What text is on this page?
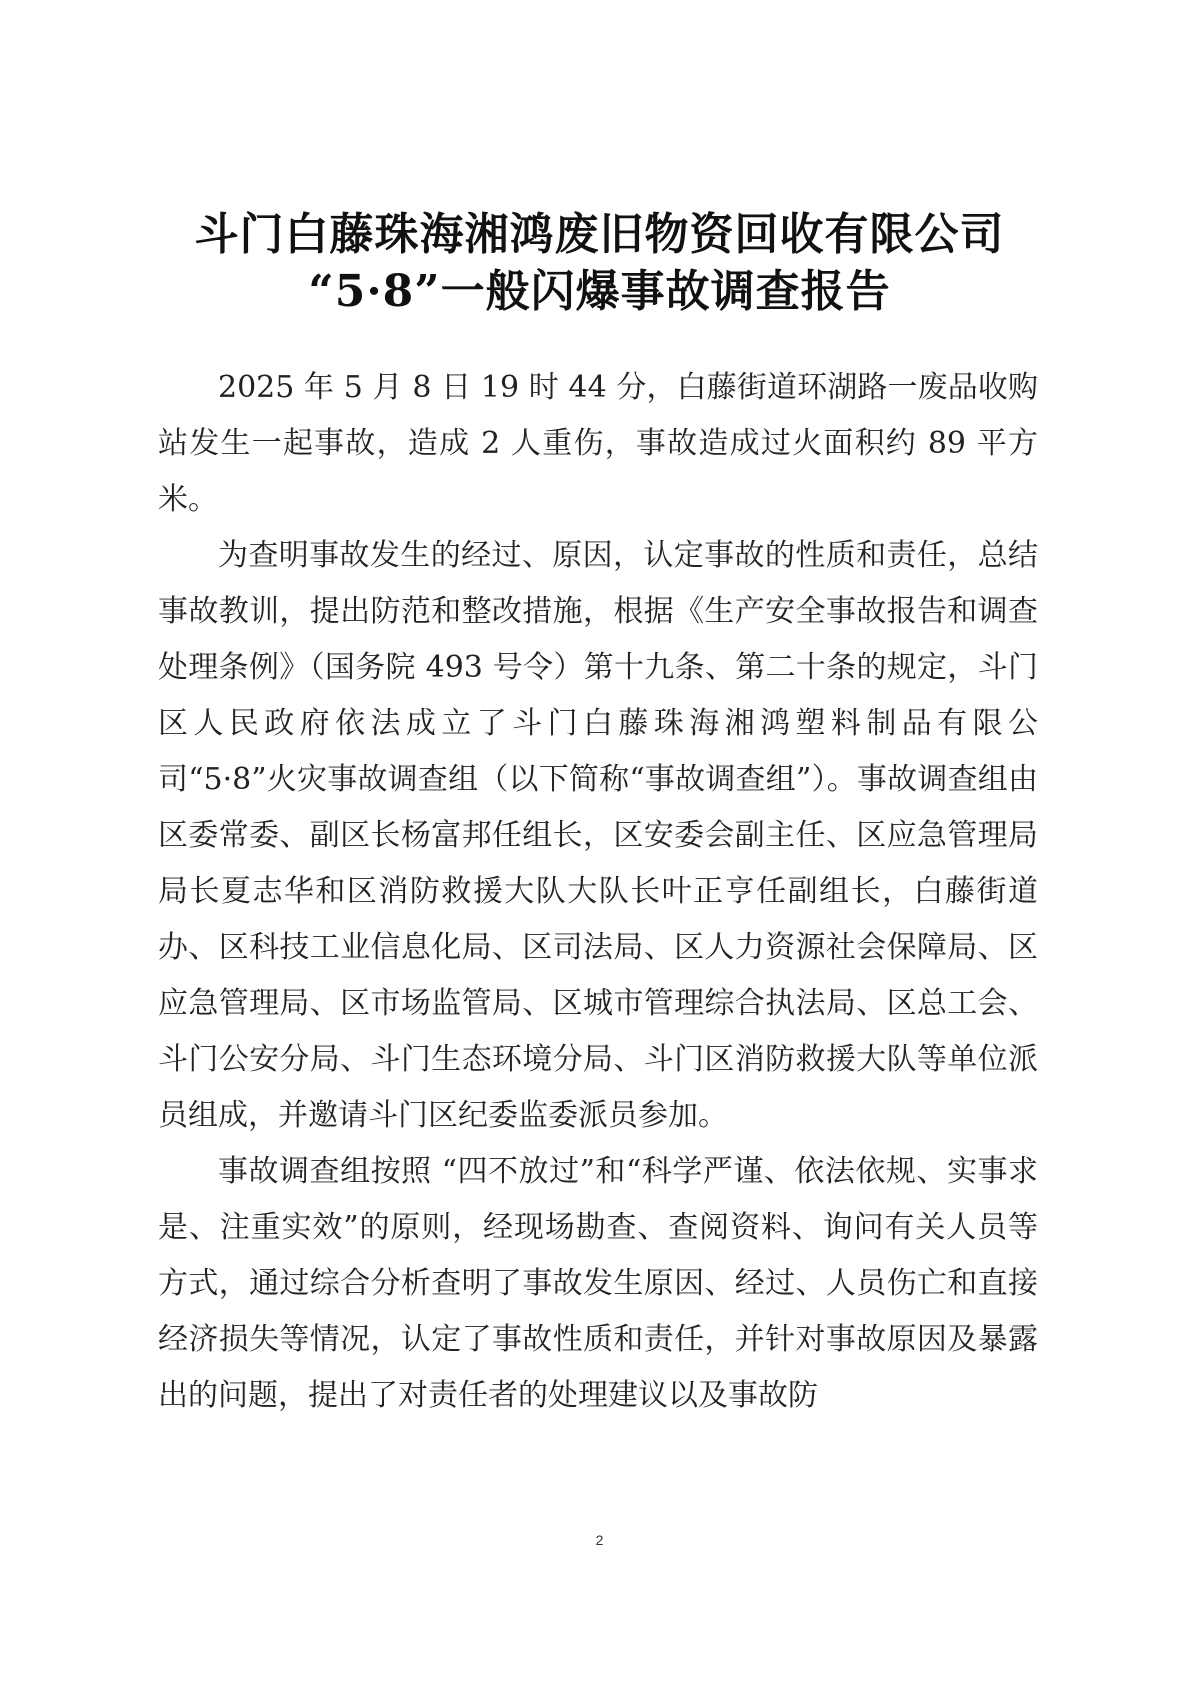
斗门白藤珠海湘鸿废旧物资回收有限公司
“5·8”一般闪爆事故调查报告

2025 年 5 月 8 日 19 时 44 分，白藤街道环湖路一废品收购站发生一起事故，造成 2 人重伤，事故造成过火面积约 89 平方米。

为查明事故发生的经过、原因，认定事故的性质和责任，总结事故教训，提出防范和整改措施，根据《生产安全事故报告和调查处理条例》（国务院 493 号令）第十九条、第二十条的规定，斗门区人民政府依法成立了斗门白藤珠海湘鸿塑料制品有限公司“5·8”火灾事故调查组（以下简称“事故调查组”）。事故调查组由区委常委、副区长杨富邦任组长，区安委会副主任、区应急管理局局长夏志华和区消防救援大队大队长叶正亨任副组长，白藤街道办、区科技工业信息化局、区司法局、区人力资源社会保障局、区应急管理局、区市场监管局、区城市管理综合执法局、区总工会、斗门公安分局、斗门生态环境分局、斗门区消防救援大队等单位派员组成，并邀请斗门区纪委监委派员参加。

事故调查组按照 “四不放过”和“科学严谨、依法依规、实事求是、注重实效”的原则，经现场勘查、查阅资料、询问有关人员等方式，通过综合分析查明了事故发生原因、经过、人员伤亡和直接经济损失等情况，认定了事故性质和责任，并针对事故原因及暴露出的问题，提出了对责任者的处理建议以及事故防

2
